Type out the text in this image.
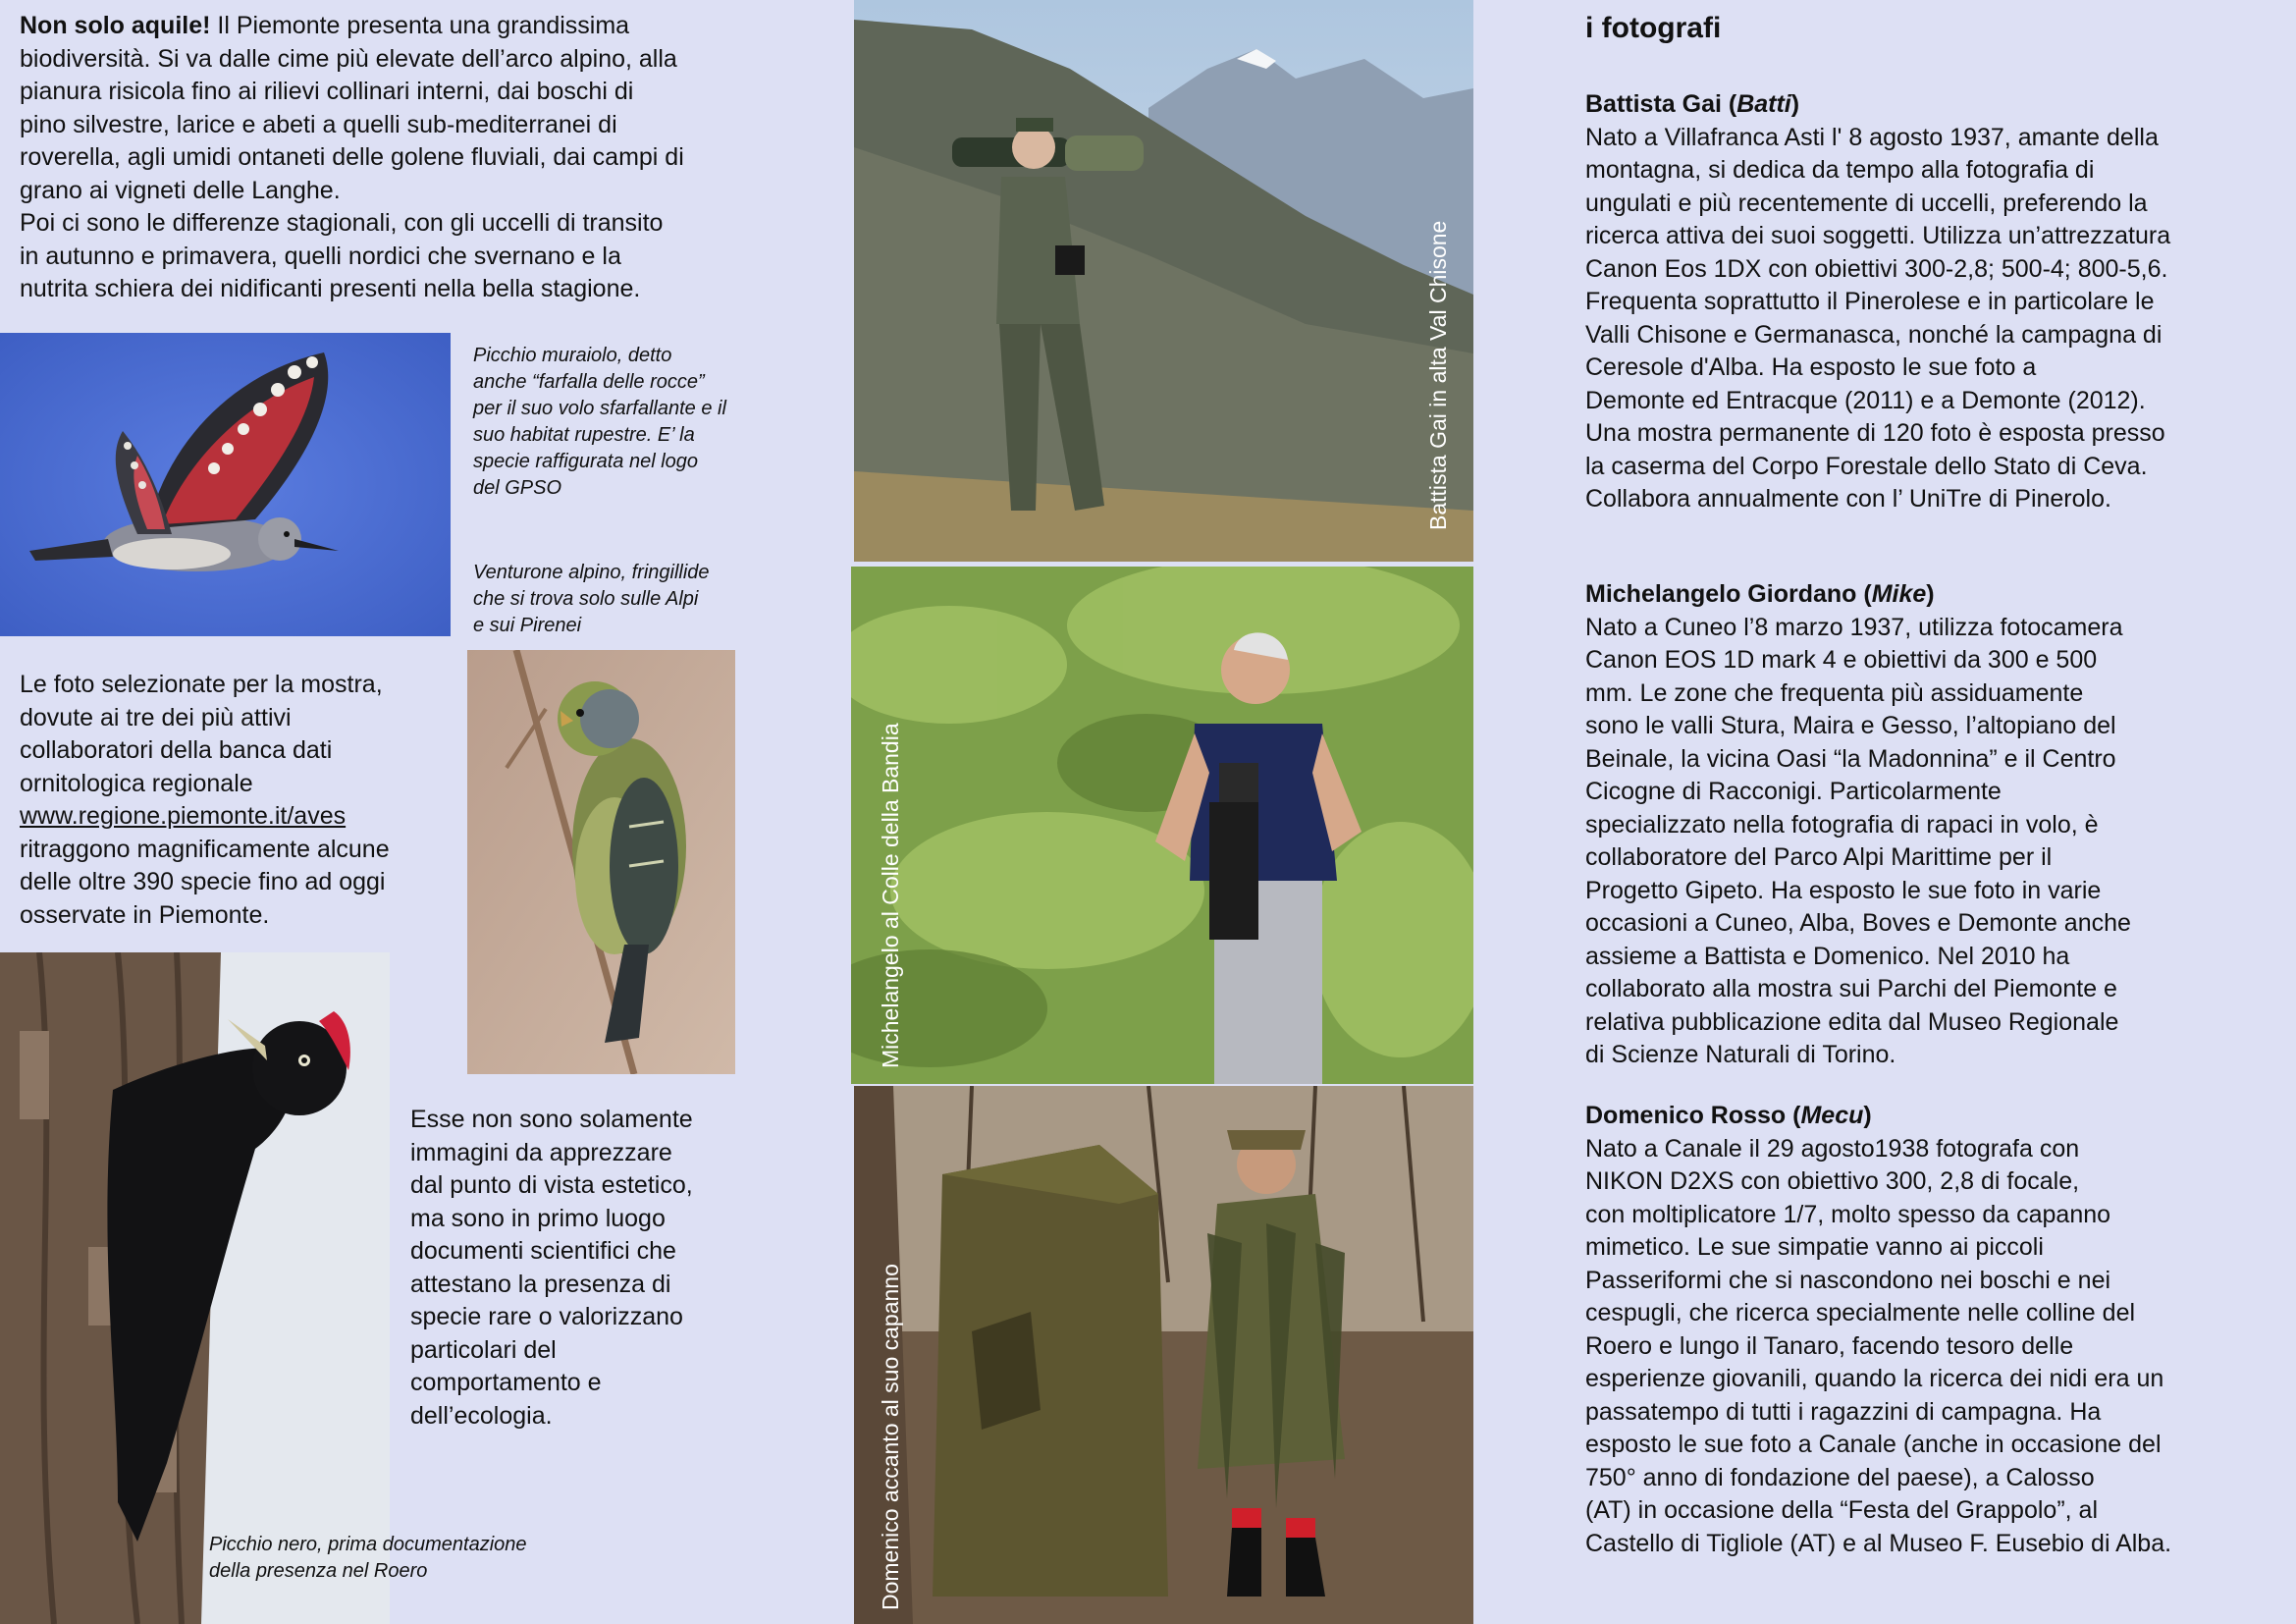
Non solo aquile! Il Piemonte presenta una grandissima
biodiversità. Si va dalle cime più elevate dell’arco alpino, alla
pianura risicola fino ai rilievi collinari interni, dai boschi di
pino silvestre, larice e abeti a quelli sub-mediterranei di
roverella, agli umidi ontaneti delle golene fluviali, dai campi di
grano ai vigneti delle Langhe.
Poi ci sono le differenze stagionali, con gli uccelli di transito
in autunno e primavera, quelli nordici che svernano e la
nutrita schiera dei nidificanti presenti nella bella stagione.
Picchio muraiolo, detto
anche “farfalla delle rocce”
per il suo volo sfarfallante e il
suo habitat rupestre. E’ la
specie raffigurata nel logo
del GPSO
Venturone alpino, fringillide
che si trova solo sulle Alpi
e sui Pirenei
Le foto selezionate per la mostra,
dovute ai tre dei più attivi
collaboratori della banca dati
ornitologica regionale
www.regione.piemonte.it/aves
ritraggono magnificamente alcune
delle oltre 390 specie fino ad oggi
osservate in Piemonte.
Esse non sono solamente
immagini da apprezzare
dal punto di vista estetico,
ma sono in primo luogo
documenti scientifici che
attestano la presenza di
specie rare o valorizzano
particolari del
comportamento e
dell’ecologia.
Picchio nero, prima documentazione
della presenza nel Roero
Battista Gai in alta Val Chisone
Michelangelo al Colle della Bandia
Domenico accanto al suo capanno
i fotografi
Battista Gai (Batti)
Nato a Villafranca Asti l' 8 agosto 1937, amante della
montagna, si dedica da tempo alla fotografia di
ungulati e più recentemente di uccelli, preferendo la
ricerca attiva dei suoi soggetti. Utilizza un’attrezzatura
Canon Eos 1DX con obiettivi 300-2,8; 500-4; 800-5,6.
Frequenta soprattutto il Pinerolese e in particolare le
Valli Chisone e Germanasca, nonché la campagna di
Ceresole d'Alba. Ha esposto le sue foto a
Demonte ed Entracque (2011) e a Demonte (2012).
Una mostra permanente di 120 foto è esposta presso
la caserma del Corpo Forestale dello Stato di Ceva.
Collabora annualmente con l’ UniTre di Pinerolo.
Michelangelo Giordano (Mike)
Nato a Cuneo l’8 marzo 1937, utilizza fotocamera
Canon EOS 1D mark 4 e obiettivi da 300 e 500
mm. Le zone che frequenta più assiduamente
sono le valli Stura, Maira e Gesso, l’altopiano del
Beinale, la vicina Oasi “la Madonnina” e il Centro
Cicogne di Racconigi. Particolarmente
specializzato nella fotografia di rapaci in volo, è
collaboratore del Parco Alpi Marittime per il
Progetto Gipeto. Ha esposto le sue foto in varie
occasioni a Cuneo, Alba, Boves e Demonte anche
assieme a Battista e Domenico. Nel 2010 ha
collaborato alla mostra sui Parchi del Piemonte e
relativa pubblicazione edita dal Museo Regionale
di Scienze Naturali di Torino.
Domenico Rosso (Mecu)
Nato a Canale il 29 agosto1938 fotografa con
NIKON D2XS con obiettivo 300, 2,8 di focale,
con moltiplicatore 1/7, molto spesso da capanno
mimetico. Le sue simpatie vanno ai piccoli
Passeriformi che si nascondono nei boschi e nei
cespugli, che ricerca specialmente nelle colline del
Roero e lungo il Tanaro, facendo tesoro delle
esperienze giovanili, quando la ricerca dei nidi era un
passatempo di tutti i ragazzini di campagna. Ha
esposto le sue foto a Canale (anche in occasione del
750° anno di fondazione del paese), a Calosso
(AT) in occasione della “Festa del Grappolo”, al
Castello di Tigliole (AT) e al Museo F. Eusebio di Alba.
